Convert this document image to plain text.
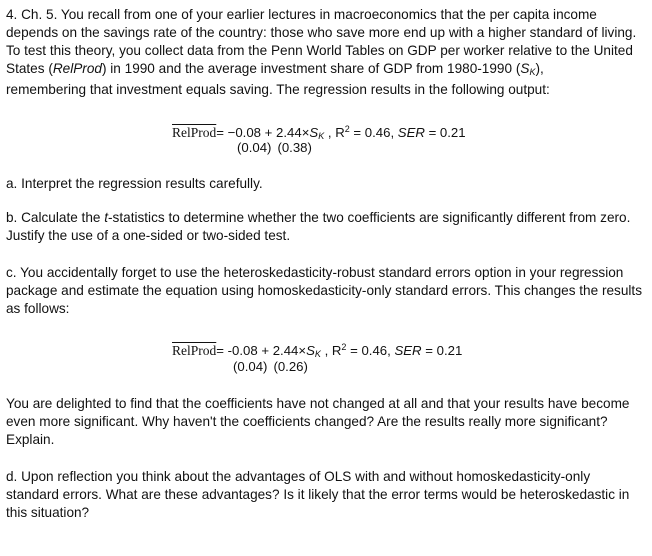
4. Ch. 5. You recall from one of your earlier lectures in macroeconomics that the per capita income depends on the savings rate of the country: those who save more end up with a higher standard of living. To test this theory, you collect data from the Penn World Tables on GDP per worker relative to the United States (RelProd) in 1990 and the average investment share of GDP from 1980-1990 $(S_K)$,
remembering that investment equals saving. The regression results in the following output:

RelProd= $-0.08 + 2.44\times S_K$ , $R^2 = 0.46$, SER = 0.21
(0.04) (0.38)

a. Interpret the regression results carefully.

b. Calculate the t-statistics to determine whether the two coefficients are significantly different from zero. Justify the use of a one-sided or two-sided test.

c. You accidentally forget to use the heteroskedasticity-robust standard errors option in your regression package and estimate the equation using homoskedasticity-only standard errors. This changes the results as follows:

RelProd= $-0.08 + 2.44\times S_K$ , $R^2 = 0.46$, SER = 0.21
(0.04) (0.26)

You are delighted to find that the coefficients have not changed at all and that your results have become even more significant. Why haven't the coefficients changed? Are the results really more significant? Explain.

d. Upon reflection you think about the advantages of OLS with and without homoskedasticity-only standard errors. What are these advantages? Is it likely that the error terms would be heteroskedastic in this situation?
